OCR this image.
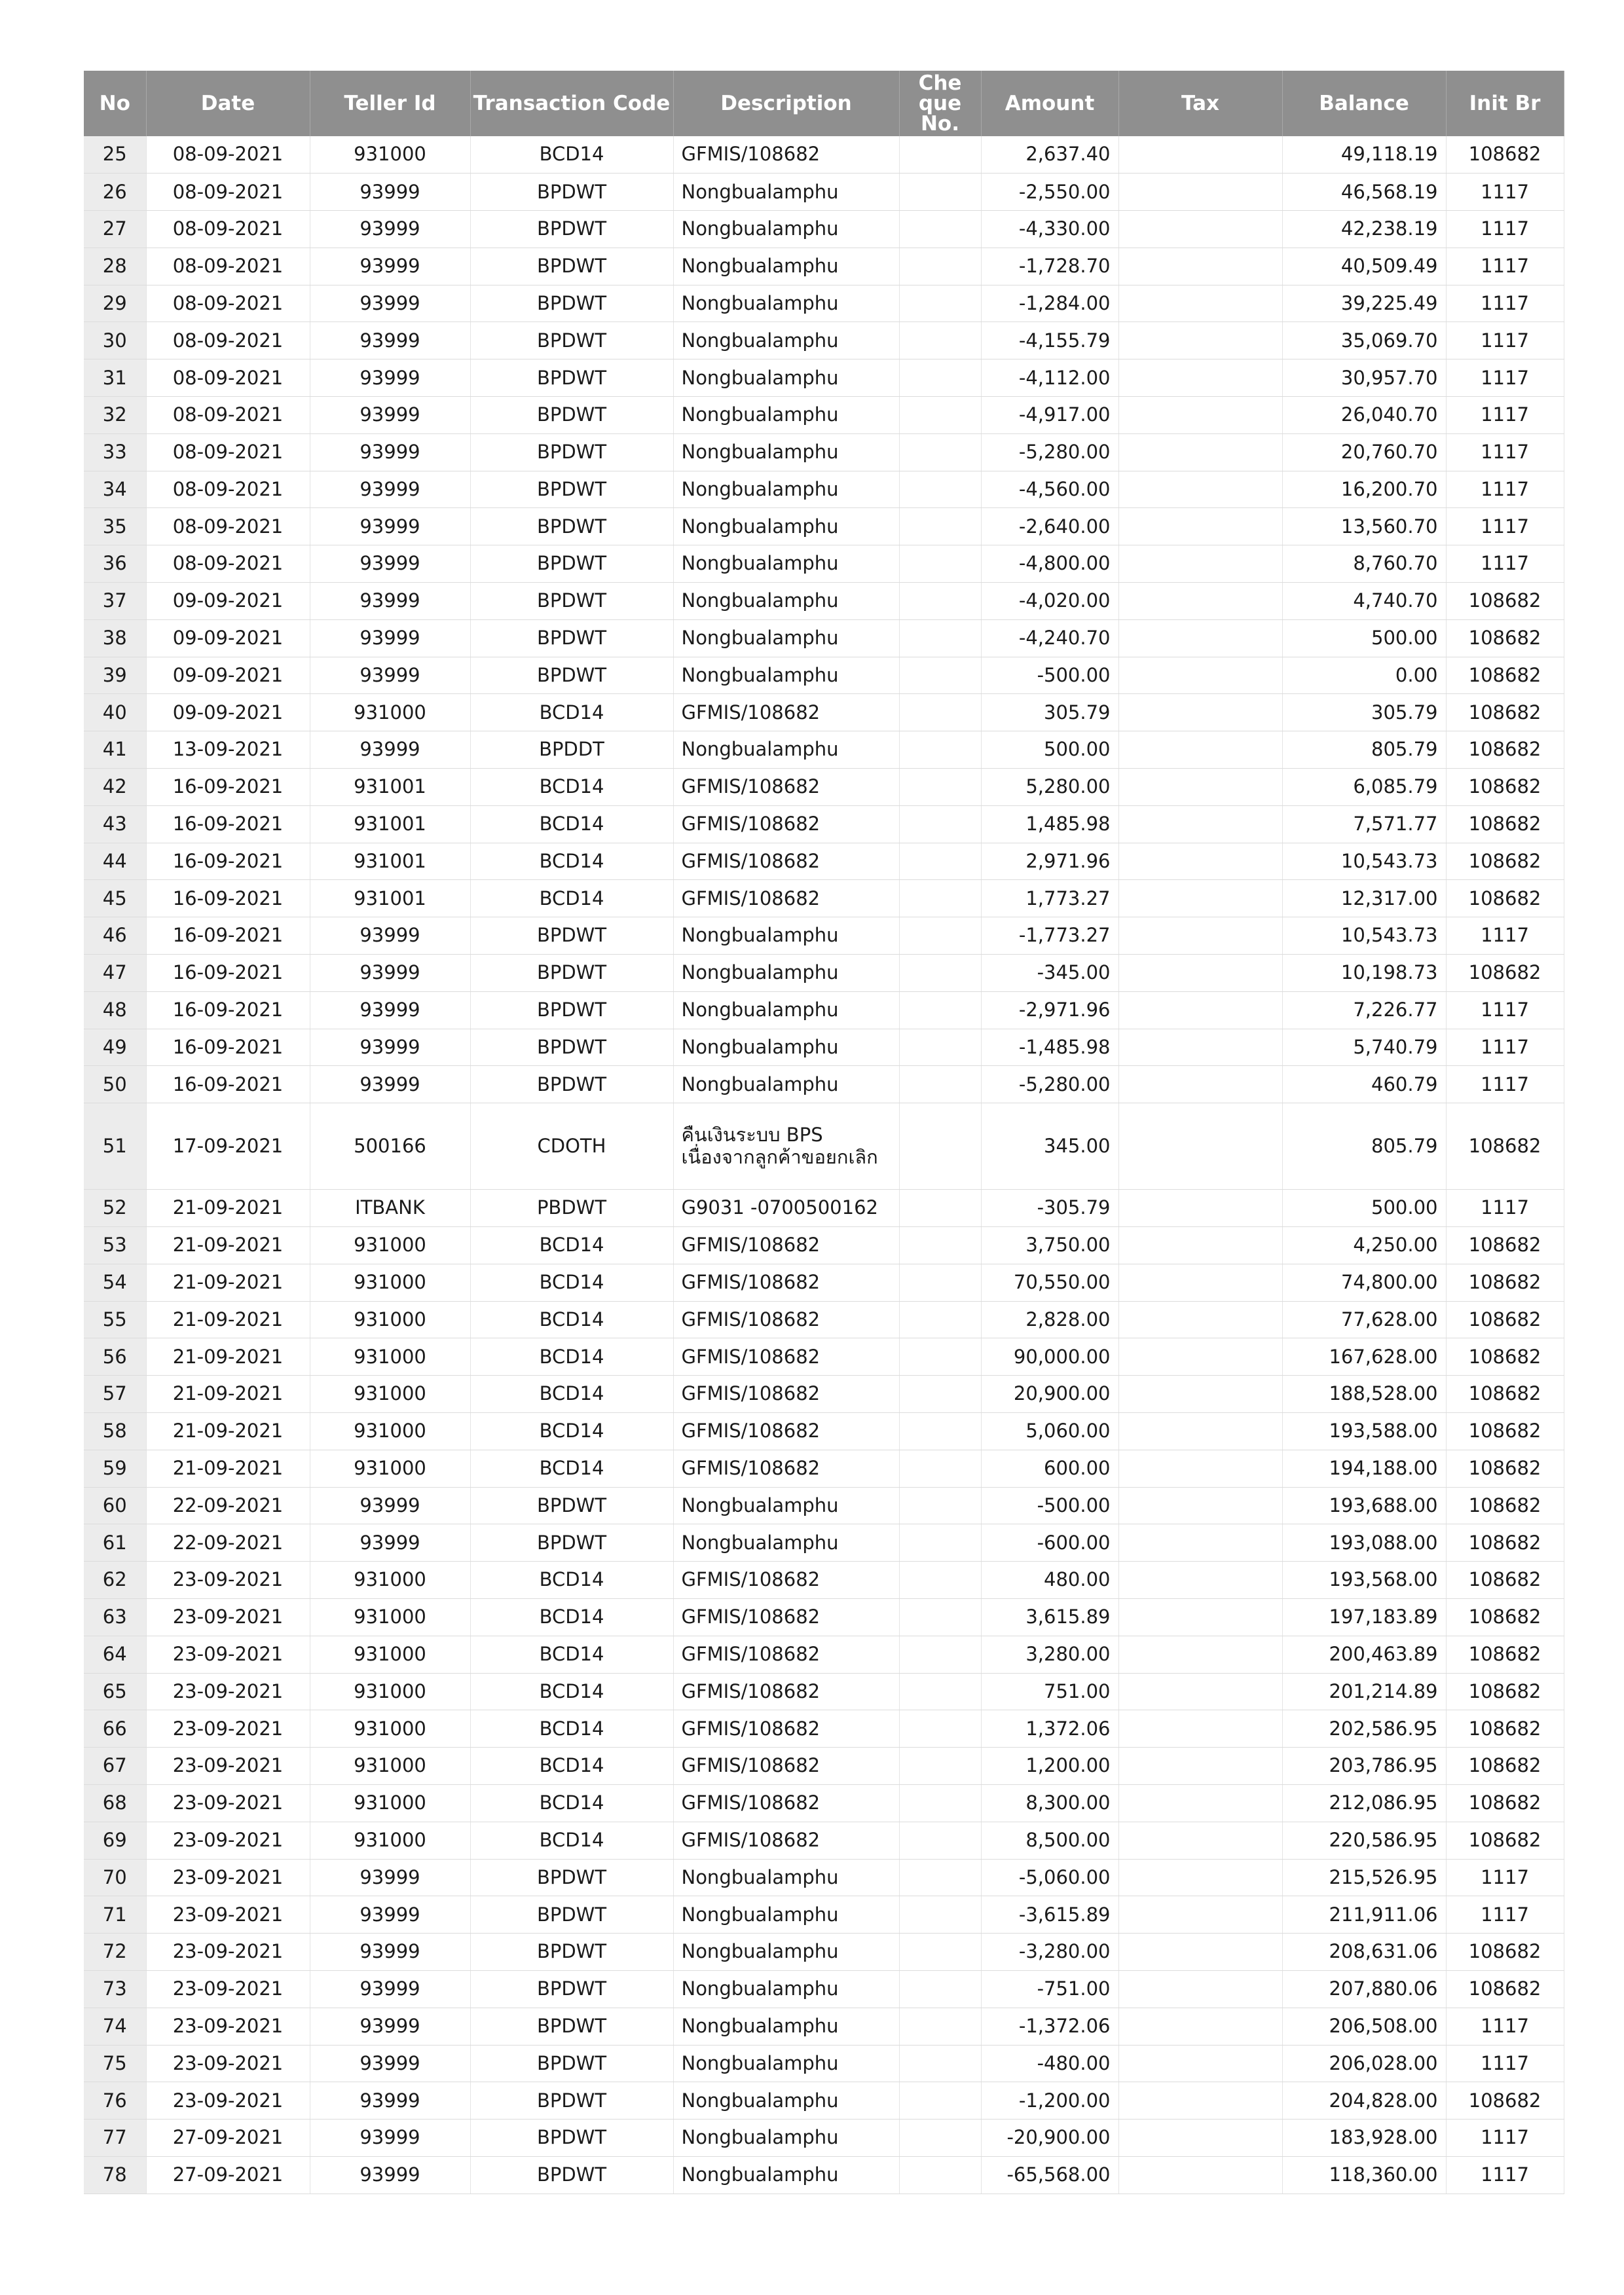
No	Date	Teller Id	Transaction Code	Description	Cheque No.	Amount	Tax	Balance	Init Br
25	08-09-2021	931000	BCD14	GFMIS/108682		2,637.40		49,118.19	108682
26	08-09-2021	93999	BPDWT	Nongbualamphu		-2,550.00		46,568.19	1117
27	08-09-2021	93999	BPDWT	Nongbualamphu		-4,330.00		42,238.19	1117
28	08-09-2021	93999	BPDWT	Nongbualamphu		-1,728.70		40,509.49	1117
29	08-09-2021	93999	BPDWT	Nongbualamphu		-1,284.00		39,225.49	1117
30	08-09-2021	93999	BPDWT	Nongbualamphu		-4,155.79		35,069.70	1117
31	08-09-2021	93999	BPDWT	Nongbualamphu		-4,112.00		30,957.70	1117
32	08-09-2021	93999	BPDWT	Nongbualamphu		-4,917.00		26,040.70	1117
33	08-09-2021	93999	BPDWT	Nongbualamphu		-5,280.00		20,760.70	1117
34	08-09-2021	93999	BPDWT	Nongbualamphu		-4,560.00		16,200.70	1117
35	08-09-2021	93999	BPDWT	Nongbualamphu		-2,640.00		13,560.70	1117
36	08-09-2021	93999	BPDWT	Nongbualamphu		-4,800.00		8,760.70	1117
37	09-09-2021	93999	BPDWT	Nongbualamphu		-4,020.00		4,740.70	108682
38	09-09-2021	93999	BPDWT	Nongbualamphu		-4,240.70		500.00	108682
39	09-09-2021	93999	BPDWT	Nongbualamphu		-500.00		0.00	108682
40	09-09-2021	931000	BCD14	GFMIS/108682		305.79		305.79	108682
41	13-09-2021	93999	BPDDT	Nongbualamphu		500.00		805.79	108682
42	16-09-2021	931001	BCD14	GFMIS/108682		5,280.00		6,085.79	108682
43	16-09-2021	931001	BCD14	GFMIS/108682		1,485.98		7,571.77	108682
44	16-09-2021	931001	BCD14	GFMIS/108682		2,971.96		10,543.73	108682
45	16-09-2021	931001	BCD14	GFMIS/108682		1,773.27		12,317.00	108682
46	16-09-2021	93999	BPDWT	Nongbualamphu		-1,773.27		10,543.73	1117
47	16-09-2021	93999	BPDWT	Nongbualamphu		-345.00		10,198.73	108682
48	16-09-2021	93999	BPDWT	Nongbualamphu		-2,971.96		7,226.77	1117
49	16-09-2021	93999	BPDWT	Nongbualamphu		-1,485.98		5,740.79	1117
50	16-09-2021	93999	BPDWT	Nongbualamphu		-5,280.00		460.79	1117
51	17-09-2021	500166	CDOTH	คืนเงินระบบ BPS เนื่องจากลูกค้าขอยกเลิก		345.00		805.79	108682
52	21-09-2021	ITBANK	PBDWT	G9031 -0700500162		-305.79		500.00	1117
53	21-09-2021	931000	BCD14	GFMIS/108682		3,750.00		4,250.00	108682
54	21-09-2021	931000	BCD14	GFMIS/108682		70,550.00		74,800.00	108682
55	21-09-2021	931000	BCD14	GFMIS/108682		2,828.00		77,628.00	108682
56	21-09-2021	931000	BCD14	GFMIS/108682		90,000.00		167,628.00	108682
57	21-09-2021	931000	BCD14	GFMIS/108682		20,900.00		188,528.00	108682
58	21-09-2021	931000	BCD14	GFMIS/108682		5,060.00		193,588.00	108682
59	21-09-2021	931000	BCD14	GFMIS/108682		600.00		194,188.00	108682
60	22-09-2021	93999	BPDWT	Nongbualamphu		-500.00		193,688.00	108682
61	22-09-2021	93999	BPDWT	Nongbualamphu		-600.00		193,088.00	108682
62	23-09-2021	931000	BCD14	GFMIS/108682		480.00		193,568.00	108682
63	23-09-2021	931000	BCD14	GFMIS/108682		3,615.89		197,183.89	108682
64	23-09-2021	931000	BCD14	GFMIS/108682		3,280.00		200,463.89	108682
65	23-09-2021	931000	BCD14	GFMIS/108682		751.00		201,214.89	108682
66	23-09-2021	931000	BCD14	GFMIS/108682		1,372.06		202,586.95	108682
67	23-09-2021	931000	BCD14	GFMIS/108682		1,200.00		203,786.95	108682
68	23-09-2021	931000	BCD14	GFMIS/108682		8,300.00		212,086.95	108682
69	23-09-2021	931000	BCD14	GFMIS/108682		8,500.00		220,586.95	108682
70	23-09-2021	93999	BPDWT	Nongbualamphu		-5,060.00		215,526.95	1117
71	23-09-2021	93999	BPDWT	Nongbualamphu		-3,615.89		211,911.06	1117
72	23-09-2021	93999	BPDWT	Nongbualamphu		-3,280.00		208,631.06	108682
73	23-09-2021	93999	BPDWT	Nongbualamphu		-751.00		207,880.06	108682
74	23-09-2021	93999	BPDWT	Nongbualamphu		-1,372.06		206,508.00	1117
75	23-09-2021	93999	BPDWT	Nongbualamphu		-480.00		206,028.00	1117
76	23-09-2021	93999	BPDWT	Nongbualamphu		-1,200.00		204,828.00	108682
77	27-09-2021	93999	BPDWT	Nongbualamphu		-20,900.00		183,928.00	1117
78	27-09-2021	93999	BPDWT	Nongbualamphu		-65,568.00		118,360.00	1117
